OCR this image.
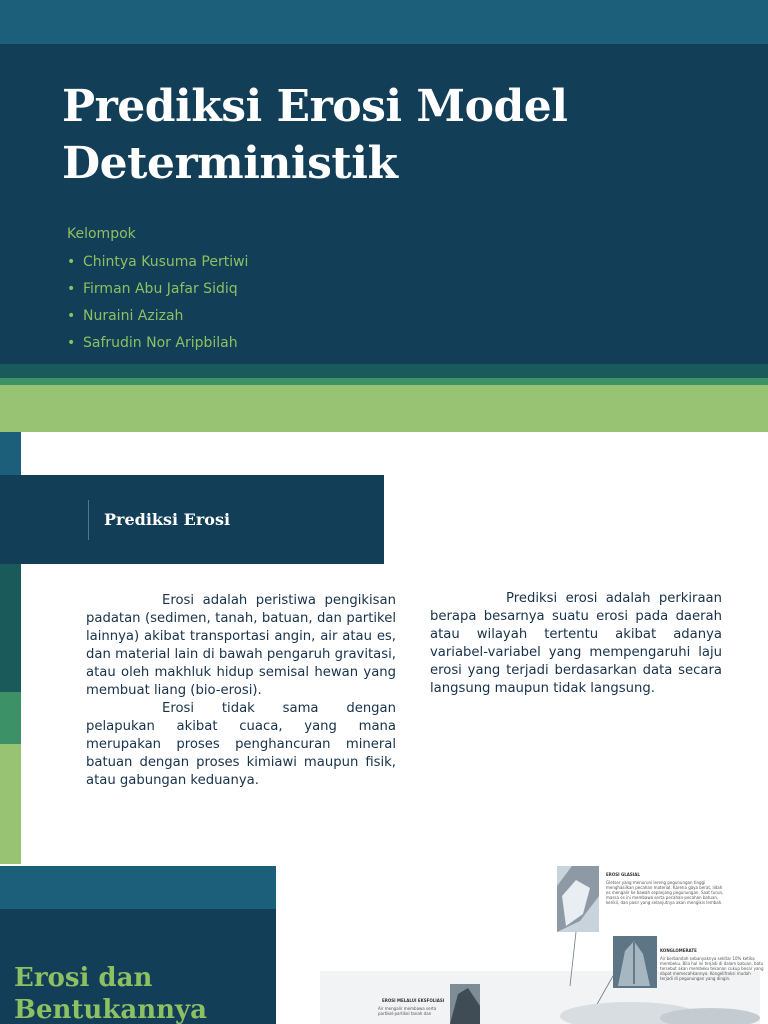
Prediksi Erosi Model
Deterministik
Kelompok
• Chintya Kusuma Pertiwi
• Firman Abu Jafar Sidiq
• Nuraini Azizah
• Safrudin Nor Aripbilah
Prediksi Erosi

Erosi adalah peristiwa pengikisan padatan (sedimen, tanah, batuan, dan partikel lainnya) akibat transportasi angin, air atau es, dan material lain di bawah pengaruh gravitasi, atau oleh makhluk hidup semisal hewan yang membuat liang (bio-erosi).

Erosi tidak sama dengan pelapukan akibat cuaca, yang mana merupakan proses penghancuran mineral batuan dengan proses kimiawi maupun fisik, atau gabungan keduanya.

Prediksi erosi adalah perkiraan berapa besarnya suatu erosi pada daerah atau wilayah tertentu akibat adanya variabel-variabel yang mempengaruhi laju erosi yang terjadi berdasarkan data secara langsung maupun tidak langsung.

Erosi dan
Bentukannya
EROSI GLASIAL
Gletser yang menuruni lereng pegunungan tinggi menghasilkan pecahan material. Karena gaya berat, lidah es mengalir ke bawah sepanjang pegunungan. Saat turun, massa es ini membawa serta pecahan-pecahan batuan, kerikil, dan pasir yang selanjutnya akan mengikis lembah.
KONGLOMERATE
Air berbandah sebanyaknya sekitar 10% ketika membeku. Bila hal ini terjadi di dalam batuan, batu tersebut akan membeku tekanan cukup besar yang dapat memecahkannya. Kongelifraksi mudah terjadi di pegunungan yang dingin.
EROSI MELALUI EKSFOLIASI
Air mengalir membawa serta partikel-partikel tanah dan
